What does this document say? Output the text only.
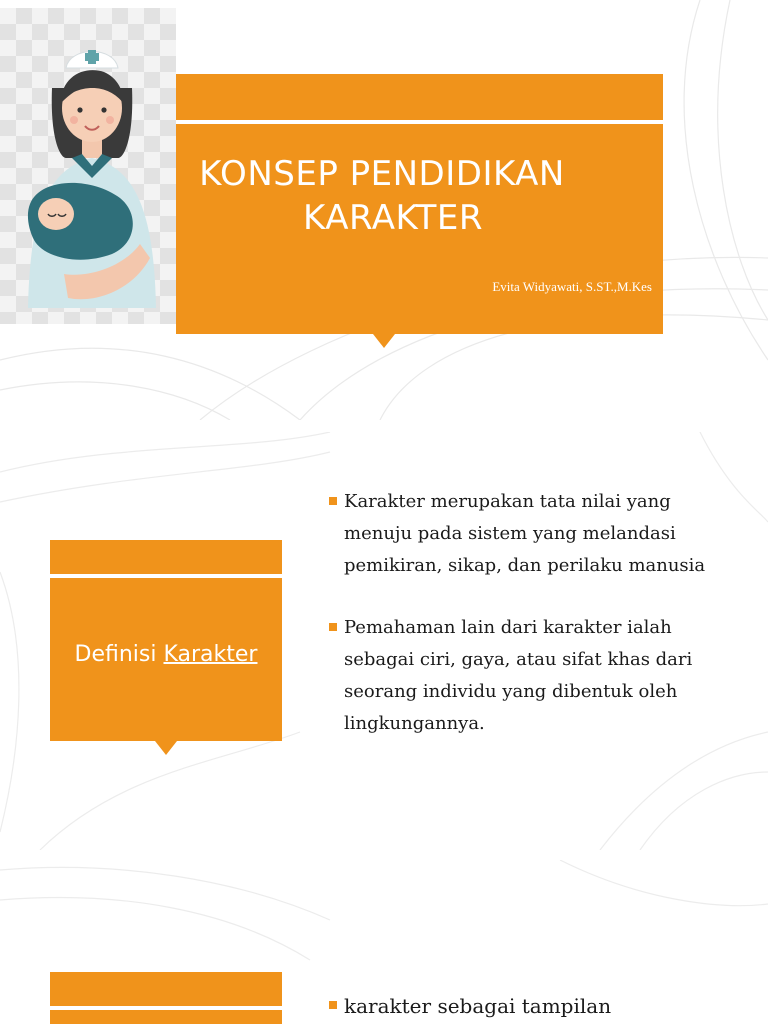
KONSEP PENDIDIKAN
KARAKTER
Evita Widyawati, S.ST.,M.Kes
Definisi Karakter
Karakter merupakan tata nilai yang menuju pada sistem yang melandasi pemikiran, sikap, dan perilaku manusia
Pemahaman lain dari karakter ialah sebagai ciri, gaya, atau sifat khas dari seorang individu yang dibentuk oleh lingkungannya.
karakter sebagai tampilan
